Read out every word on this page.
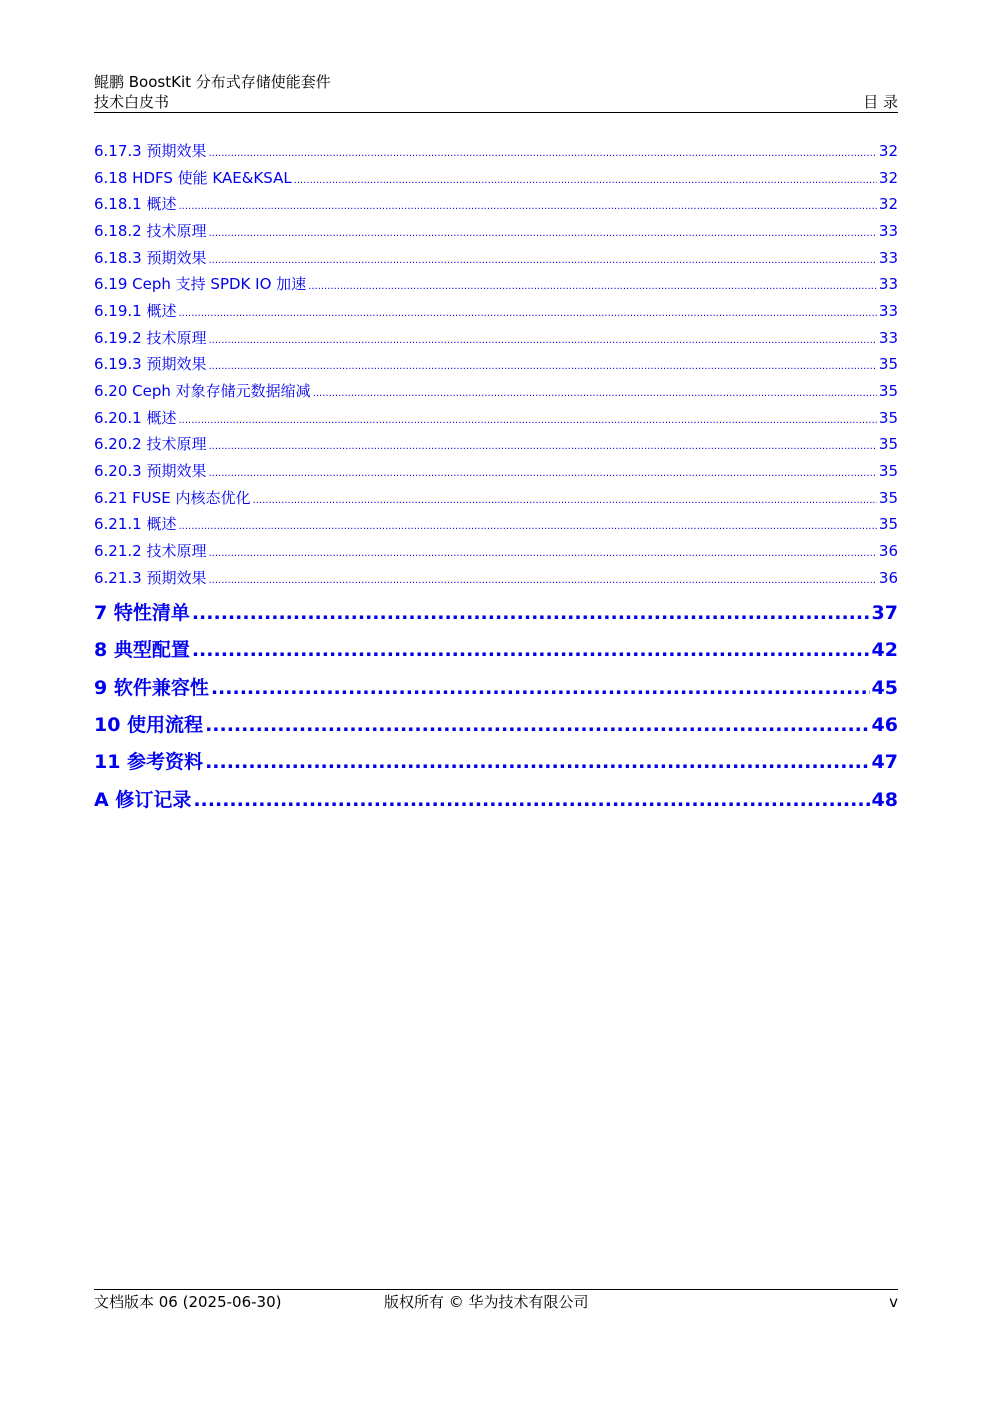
鲲鹏 BoostKit 分布式存储使能套件
技术白皮书	目 录
6.17.3 预期效果 .....	32
6.18 HDFS 使能 KAE&KSAL .....	32
6.18.1 概述 .....	32
6.18.2 技术原理 .....	33
6.18.3 预期效果 .....	33
6.19 Ceph 支持 SPDK IO 加速 .....	33
6.19.1 概述 .....	33
6.19.2 技术原理 .....	33
6.19.3 预期效果 .....	35
6.20 Ceph 对象存储元数据缩减 .....	35
6.20.1 概述 .....	35
6.20.2 技术原理 .....	35
6.20.3 预期效果 .....	35
6.21 FUSE 内核态优化 .....	35
6.21.1 概述 .....	35
6.21.2 技术原理 .....	36
6.21.3 预期效果 .....	36
7 特性清单 .....	37
8 典型配置 .....	42
9 软件兼容性 .....	45
10 使用流程 .....	46
11 参考资料 .....	47
A 修订记录 .....	48
文档版本 06 (2025-06-30)	版权所有 © 华为技术有限公司	v
